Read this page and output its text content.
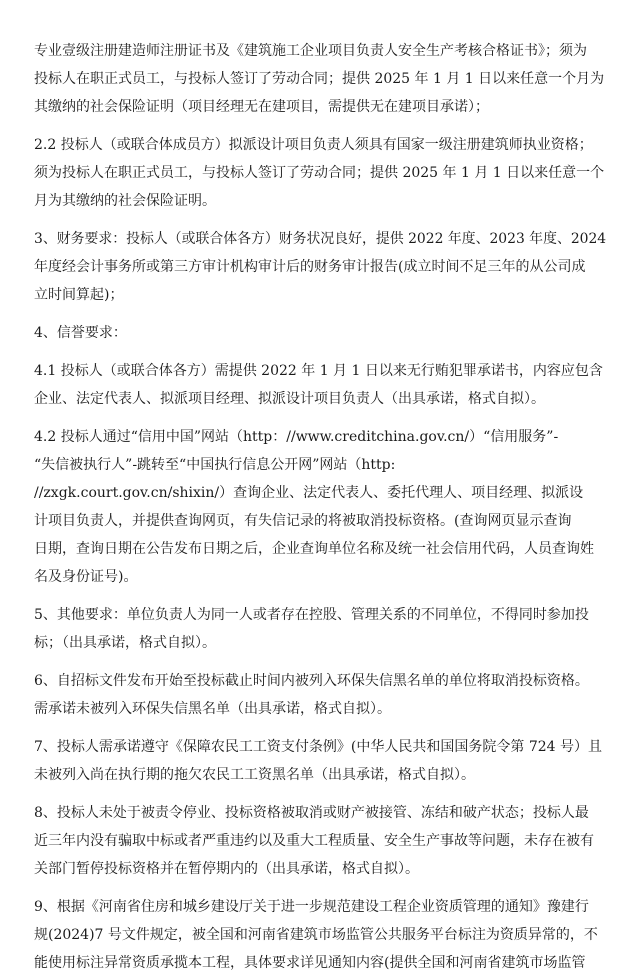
专业壹级注册建造师注册证书及《建筑施工企业项目负责人安全生产考核合格证书》；须为
投标人在职正式员工，与投标人签订了劳动合同；提供 2025 年 1 月 1 日以来任意一个月为
其缴纳的社会保险证明（项目经理无在建项目，需提供无在建项目承诺）；
2.2 投标人（或联合体成员方）拟派设计项目负责人须具有国家一级注册建筑师执业资格；
须为投标人在职正式员工，与投标人签订了劳动合同；提供 2025 年 1 月 1 日以来任意一个
月为其缴纳的社会保险证明。
3、财务要求：投标人（或联合体各方）财务状况良好，提供 2022 年度、2023 年度、2024
年度经会计事务所或第三方审计机构审计后的财务审计报告(成立时间不足三年的从公司成
立时间算起)；
4、信誉要求：
4.1 投标人（或联合体各方）需提供 2022 年 1 月 1 日以来无行贿犯罪承诺书，内容应包含
企业、法定代表人、拟派项目经理、拟派设计项目负责人（出具承诺，格式自拟）。
4.2 投标人通过“信用中国”网站（http：//www.creditchina.gov.cn/）“信用服务”-
“失信被执行人”-跳转至“中国执行信息公开网”网站（http:
//zxgk.court.gov.cn/shixin/）查询企业、法定代表人、委托代理人、项目经理、拟派设
计项目负责人，并提供查询网页，有失信记录的将被取消投标资格。(查询网页显示查询
日期，查询日期在公告发布日期之后，企业查询单位名称及统一社会信用代码，人员查询姓
名及身份证号)。
5、其他要求：单位负责人为同一人或者存在控股、管理关系的不同单位，不得同时参加投
标；（出具承诺，格式自拟）。
6、自招标文件发布开始至投标截止时间内被列入环保失信黑名单的单位将取消投标资格。
需承诺未被列入环保失信黑名单（出具承诺，格式自拟）。
7、投标人需承诺遵守《保障农民工工资支付条例》(中华人民共和国国务院令第 724 号）且
未被列入尚在执行期的拖欠农民工工资黑名单（出具承诺，格式自拟）。
8、投标人未处于被责令停业、投标资格被取消或财产被接管、冻结和破产状态；投标人最
近三年内没有骗取中标或者严重违约以及重大工程质量、安全生产事故等问题，未存在被有
关部门暂停投标资格并在暂停期内的（出具承诺，格式自拟）。
9、根据《河南省住房和城乡建设厅关于进一步规范建设工程企业资质管理的通知》豫建行
规(2024)7 号文件规定，被全国和河南省建筑市场监管公共服务平台标注为资质异常的，不
能使用标注异常资质承揽本工程，具体要求详见通知内容(提供全国和河南省建筑市场监管
